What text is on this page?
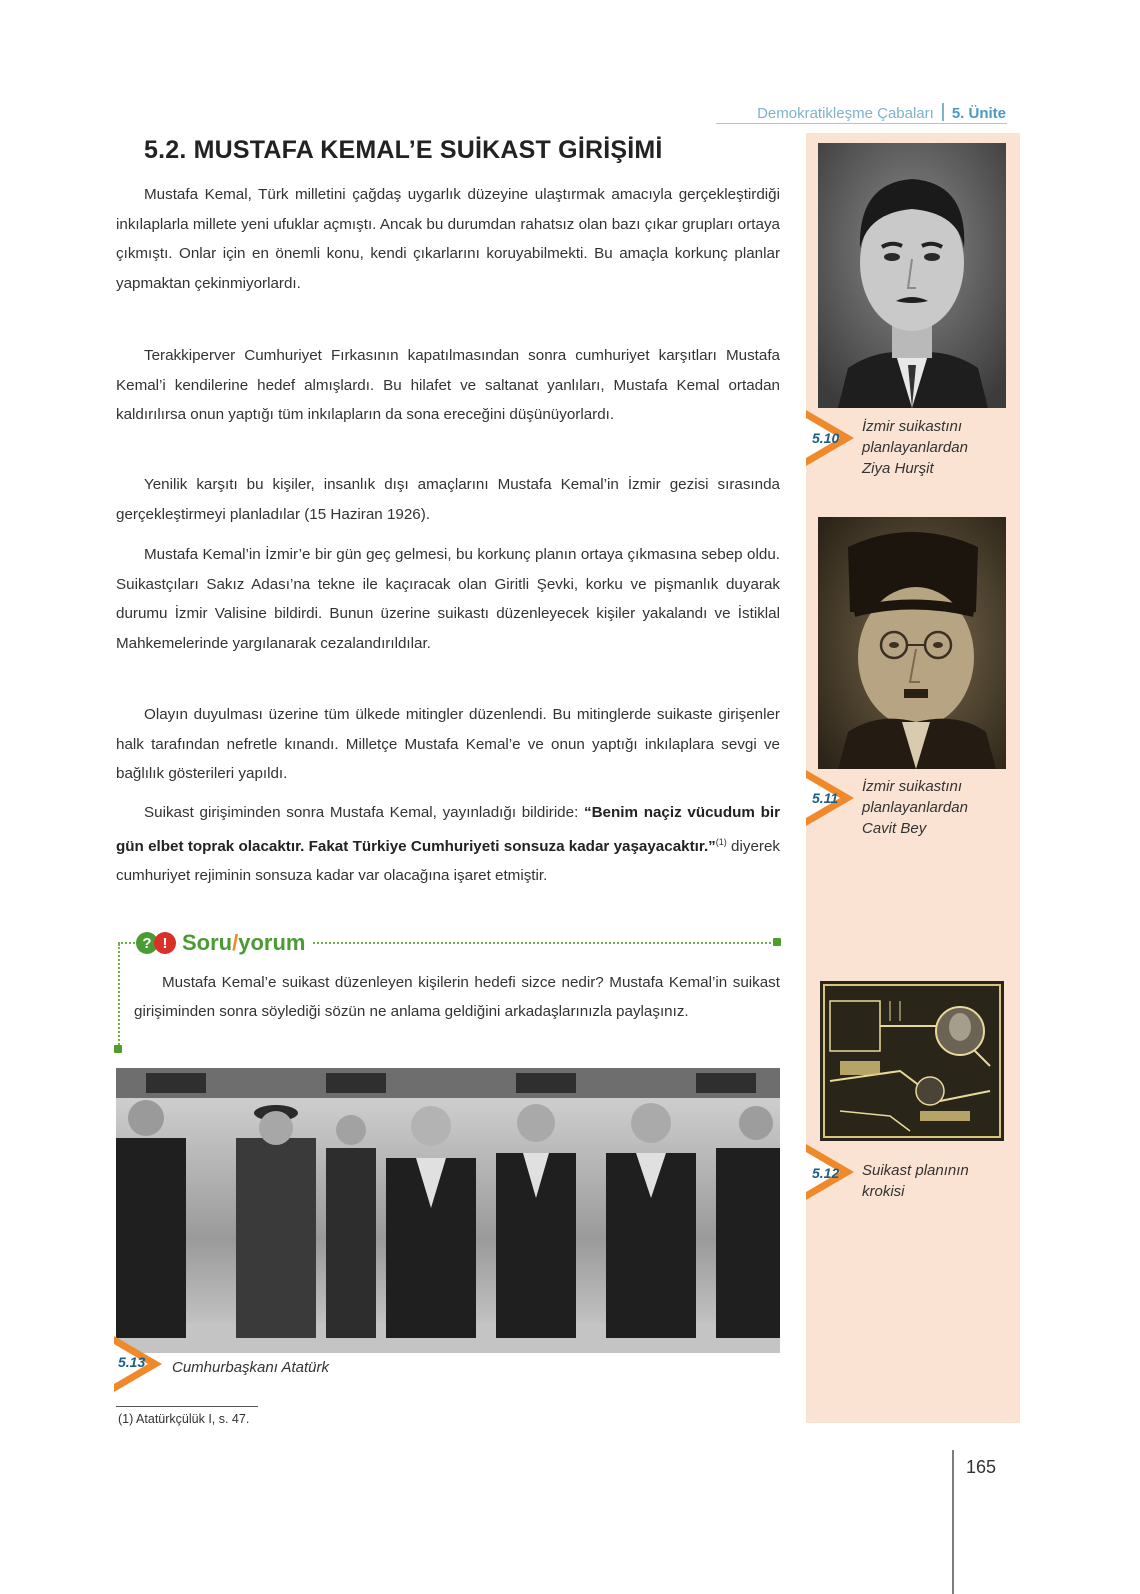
Demokratikleşme Çabaları 5. Ünite
5.2. MUSTAFA KEMAL’E SUİKAST GİRİŞİMİ

Mustafa Kemal, Türk milletini çağdaş uygarlık düzeyine ulaştırmak amacıyla gerçekleştirdiği inkılaplarla millete yeni ufuklar açmıştı. Ancak bu durumdan rahatsız olan bazı çıkar grupları ortaya çıkmıştı. Onlar için en önemli konu, kendi çıkarlarını koruyabilmekti. Bu amaçla korkunç planlar yapmaktan çekinmiyorlardı.

Terakkiperver Cumhuriyet Fırkasının kapatılmasından sonra cumhuriyet karşıtları Mustafa Kemal’i kendilerine hedef almışlardı. Bu hilafet ve saltanat yanlıları, Mustafa Kemal ortadan kaldırılırsa onun yaptığı tüm inkılapların da sona ereceğini düşünüyorlardı.

Yenilik karşıtı bu kişiler, insanlık dışı amaçlarını Mustafa Kemal’in İzmir gezisi sırasında gerçekleştirmeyi planladılar (15 Haziran 1926).

Mustafa Kemal’in İzmir’e bir gün geç gelmesi, bu korkunç planın ortaya çıkmasına sebep oldu. Suikastçıları Sakız Adası’na tekne ile kaçıracak olan Giritli Şevki, korku ve pişmanlık duyarak durumu İzmir Valisine bildirdi. Bunun üzerine suikastı düzenleyecek kişiler yakalandı ve İstiklal Mahkemelerinde yargılanarak cezalandırıldılar.

Olayın duyulması üzerine tüm ülkede mitingler düzenlendi. Bu mitinglerde suikaste girişenler halk tarafından nefretle kınandı. Milletçe Mustafa Kemal’e ve onun yaptığı inkılaplara sevgi ve bağlılık gösterileri yapıldı.

Suikast girişiminden sonra Mustafa Kemal, yayınladığı bildiride: “Benim naçiz vücudum bir gün elbet toprak olacaktır. Fakat Türkiye Cumhuriyeti sonsuza kadar yaşayacaktır.”$^{(1)}$ diyerek cumhuriyet rejiminin sonsuza kadar var olacağına işaret etmiştir.

? ! Soru/yorum

Mustafa Kemal’e suikast düzenleyen kişilerin hedefi sizce nedir? Mustafa Kemal’in suikast girişiminden sonra söylediği sözün ne anlama geldiğini arkadaşlarınızla paylaşınız.

5.10
İzmir suikastını
planlayanlardan
Ziya Hurşit
5.11
İzmir suikastını
planlayanlardan
Cavit Bey
5.12 Suikast planının
krokisi
5.13 Cumhurbaşkanı Atatürk
(1) Atatürkçülük I, s. 47.
165
